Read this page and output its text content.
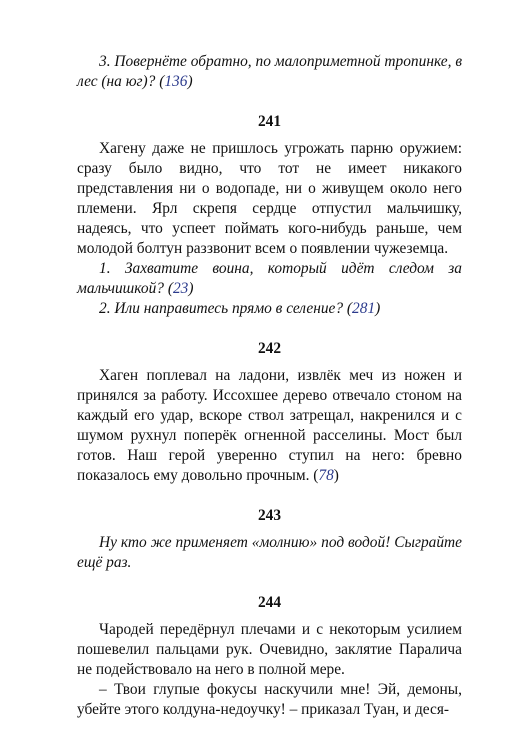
3. Повернёте обратно, по малоприметной тропинке, в лес (на юг)? (136)

241

Хагену даже не пришлось угрожать парню оружием: сразу было видно, что тот не имеет никакого представления ни о водопаде, ни о живущем около него племени. Ярл скрепя сердце отпустил мальчишку, надеясь, что успеет поймать кого-нибудь раньше, чем молодой болтун раззвонит всем о появлении чужеземца.

1. Захватите воина, который идёт следом за мальчишкой? (23)

2. Или направитесь прямо в селение? (281)

242

Хаген поплевал на ладони, извлёк меч из ножен и принялся за работу. Иссохшее дерево отвечало стоном на каждый его удар, вскоре ствол затрещал, накренился и с шумом рухнул поперёк огненной расселины. Мост был готов. Наш герой уверенно ступил на него: бревно показалось ему довольно прочным. (78)

243

Ну кто же применяет «молнию» под водой! Сыграйте ещё раз.

244

Чародей передёрнул плечами и с некоторым усилием пошевелил пальцами рук. Очевидно, заклятие Паралича не подействовало на него в полной мере.

– Твои глупые фокусы наскучили мне! Эй, демоны, убейте этого колдуна-недоучку! – приказал Туан, и деся-
